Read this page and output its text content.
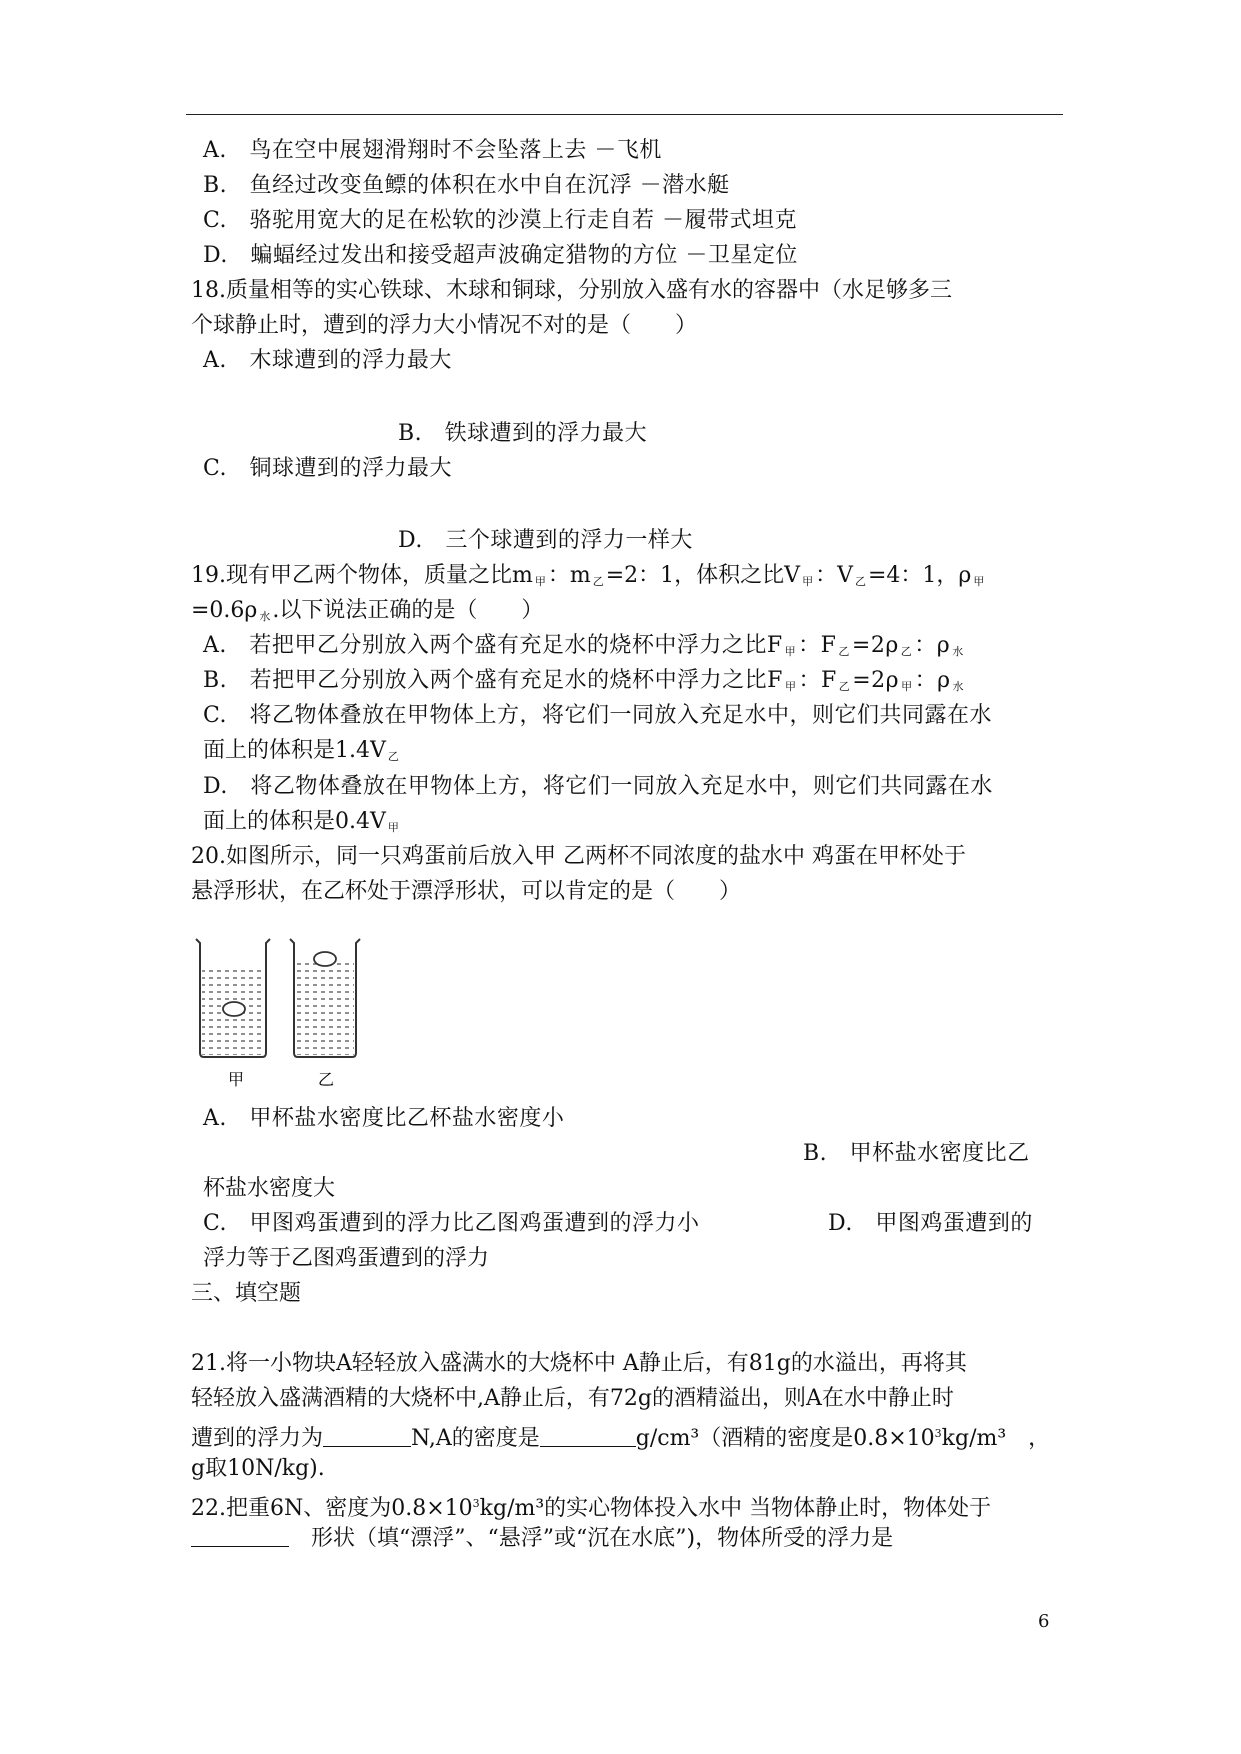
A.　鸟在空中展翅滑翔时不会坠落上去 －飞机
B.　鱼经过改变鱼鳔的体积在水中自在沉浮 －潜水艇
C.　骆驼用宽大的足在松软的沙漠上行走自若 －履带式坦克
D.　蝙蝠经过发出和接受超声波确定猎物的方位 －卫星定位
18.质量相等的实心铁球、木球和铜球，分别放入盛有水的容器中（水足够多三
个球静止时，遭到的浮力大小情况不对的是（　　）
A.　木球遭到的浮力最大
B.　铁球遭到的浮力最大
C.　铜球遭到的浮力最大
D.　三个球遭到的浮力一样大
19.现有甲乙两个物体，质量之比m $_甲$：m $_乙$=2：1，体积之比V $_甲$：V $_乙$=4：1，ρ $_甲$
=0.6ρ $_水$.以下说法正确的是（　　）
A.　若把甲乙分别放入两个盛有充足水的烧杯中浮力之比F $_甲$：F $_乙$=2ρ $_乙$：ρ $_水$
B.　若把甲乙分别放入两个盛有充足水的烧杯中浮力之比F $_甲$：F $_乙$=2ρ $_甲$：ρ $_水$
C.　将乙物体叠放在甲物体上方，将它们一同放入充足水中，则它们共同露在水
面上的体积是1.4V $_乙$
D.　将乙物体叠放在甲物体上方，将它们一同放入充足水中，则它们共同露在水
面上的体积是0.4V $_甲$
20.如图所示，同一只鸡蛋前后放入甲 乙两杯不同浓度的盐水中 鸡蛋在甲杯处于
悬浮形状，在乙杯处于漂浮形状，可以肯定的是（　　）
甲	乙
A.　甲杯盐水密度比乙杯盐水密度小
B.　甲杯盐水密度比乙
杯盐水密度大
C.　甲图鸡蛋遭到的浮力比乙图鸡蛋遭到的浮力小	D.　甲图鸡蛋遭到的
浮力等于乙图鸡蛋遭到的浮力
三、填空题
21.将一小物块A轻轻放入盛满水的大烧杯中 A静止后，有81g的水溢出，再将其
轻轻放入盛满酒精的大烧杯中,A静止后，有72g的酒精溢出，则A在水中静止时
遭到的浮力为	N,A的密度是	g/cm³（酒精的密度是$0.8\times 10^3kg/m^3$　，
g取10N/kg).
22.把重6N、密度为$0.8\times 10^3kg/m^3$的实心物体投入水中 当物体静止时，物体处于
形状（填“漂浮”、“悬浮”或“沉在水底”)，物体所受的浮力是
6
